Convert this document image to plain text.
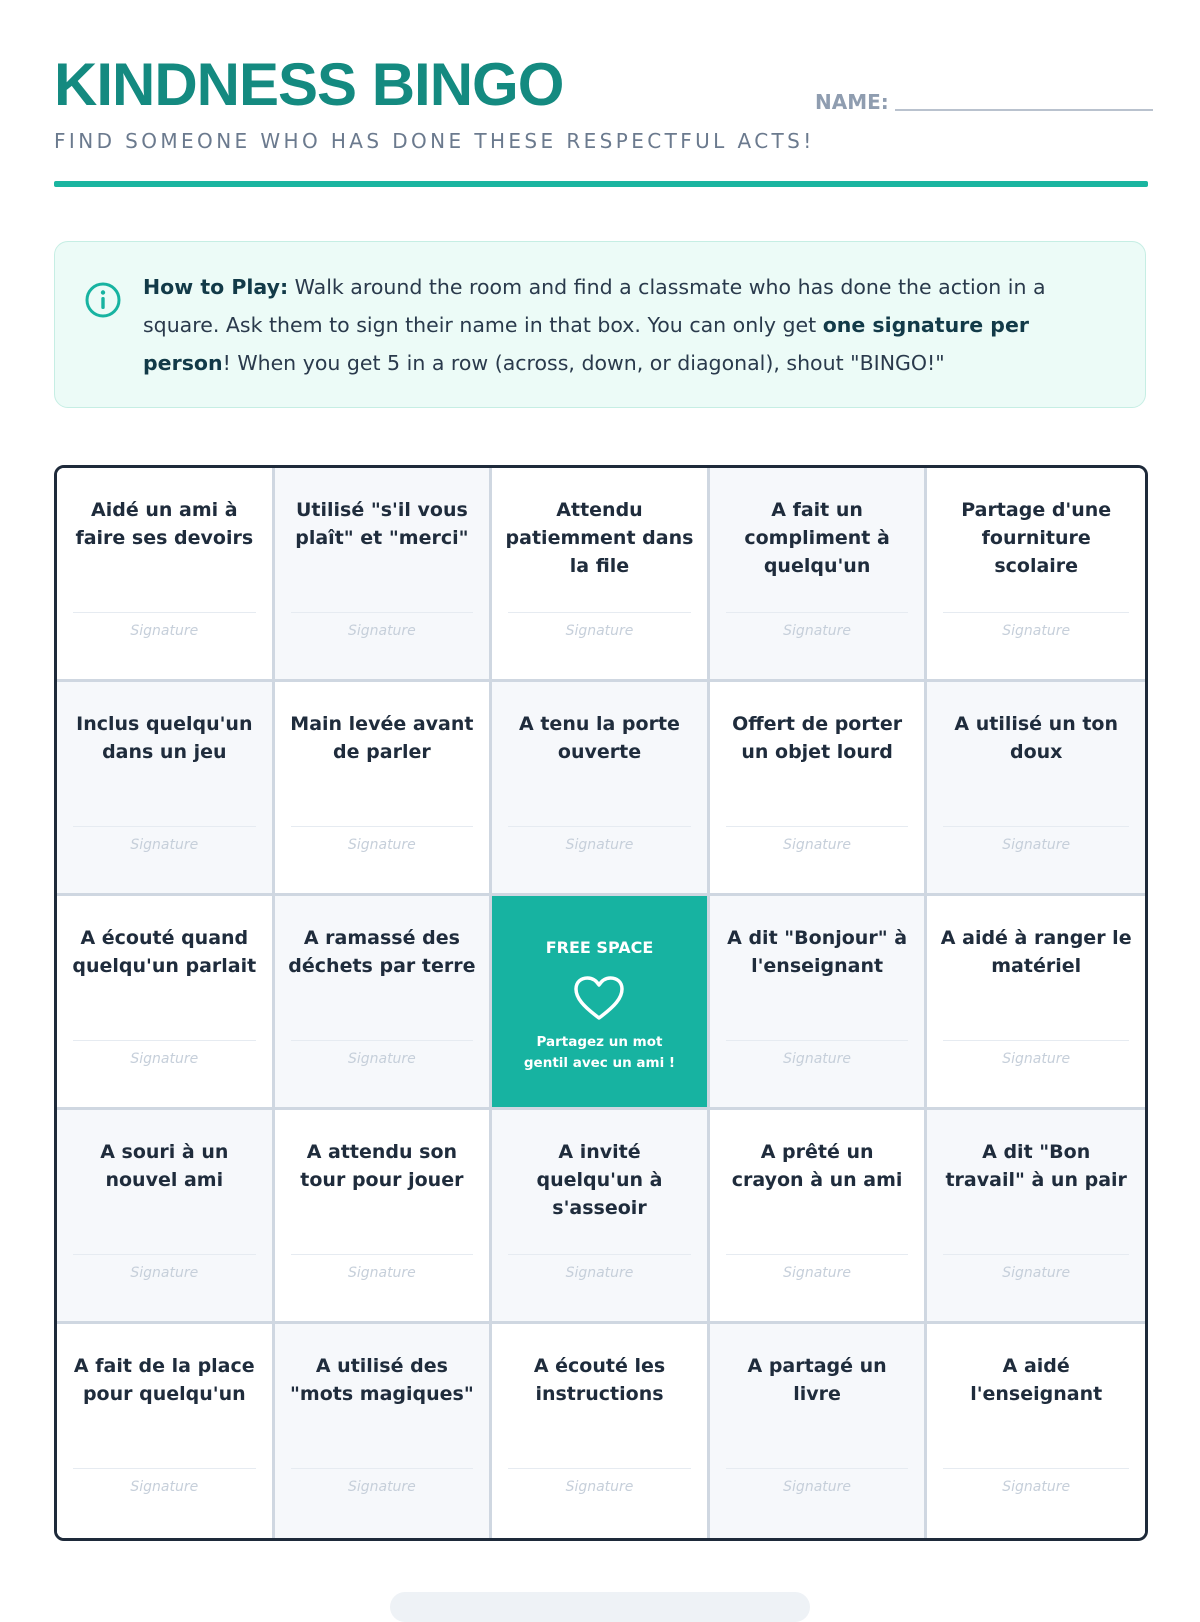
KINDNESS BINGO
FIND SOMEONE WHO HAS DONE THESE RESPECTFUL ACTS!
NAME:
How to Play: Walk around the room and find a classmate who has done the action in a square. Ask them to sign their name in that box. You can only get one signature per person! When you get 5 in a row (across, down, or diagonal), shout "BINGO!"
Aidé un ami à faire ses devoirs
Signature
Utilisé "s'il vous plaît" et "merci"
Signature
Attendu patiemment dans la file
Signature
A fait un compliment à quelqu'un
Signature
Partage d'une fourniture scolaire
Signature
Inclus quelqu'un dans un jeu
Signature
Main levée avant de parler
Signature
A tenu la porte ouverte
Signature
Offert de porter un objet lourd
Signature
A utilisé un ton doux
Signature
A écouté quand quelqu'un parlait
Signature
A ramassé des déchets par terre
Signature
FREE SPACE
Partagez un mot gentil avec un ami !
A dit "Bonjour" à l'enseignant
Signature
A aidé à ranger le matériel
Signature
A souri à un nouvel ami
Signature
A attendu son tour pour jouer
Signature
A invité quelqu'un à s'asseoir
Signature
A prêté un crayon à un ami
Signature
A dit "Bon travail" à un pair
Signature
A fait de la place pour quelqu'un
Signature
A utilisé des "mots magiques"
Signature
A écouté les instructions
Signature
A partagé un livre
Signature
A aidé l'enseignant
Signature
